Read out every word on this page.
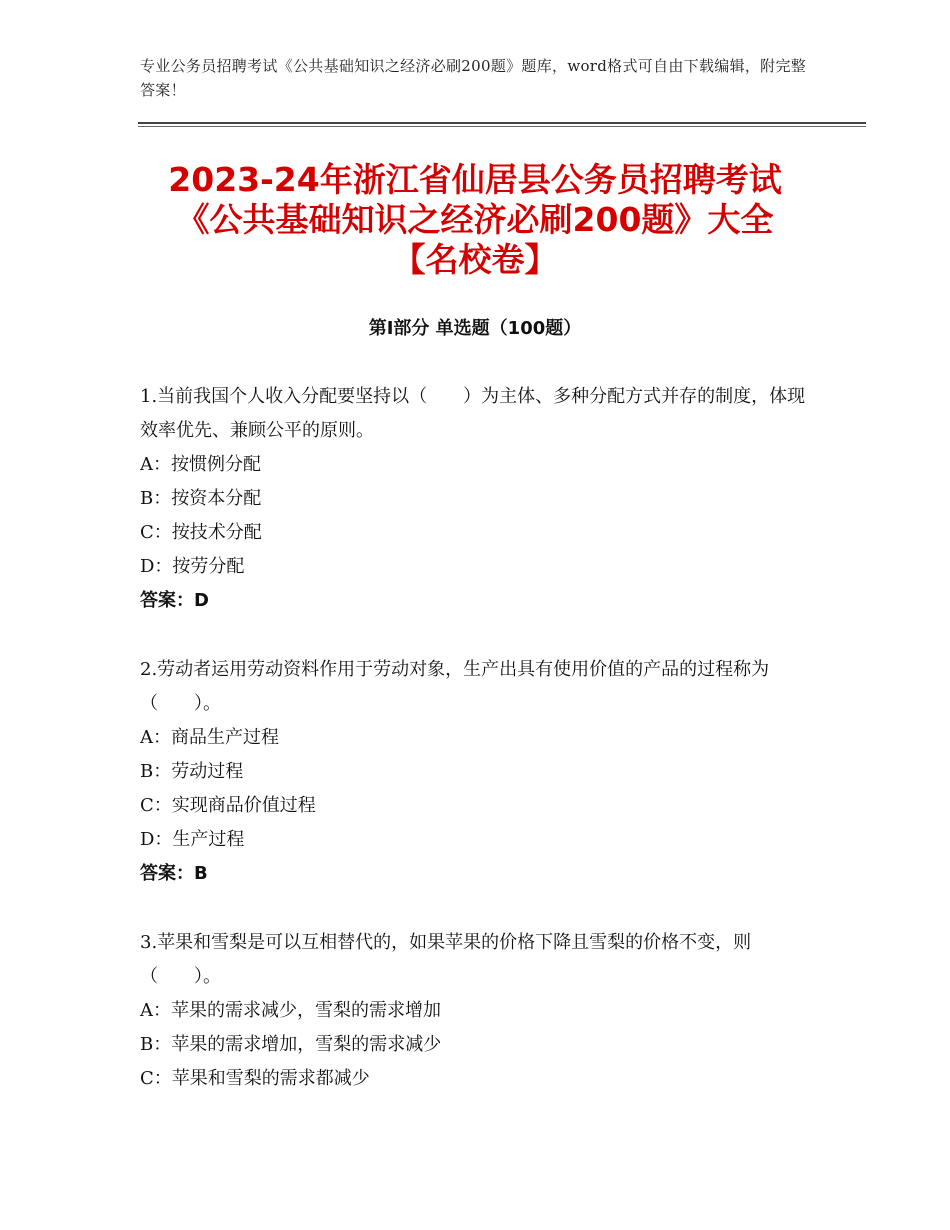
专业公务员招聘考试《公共基础知识之经济必刷200题》题库，word格式可自由下载编辑，附完整答案！
2023-24年浙江省仙居县公务员招聘考试
《公共基础知识之经济必刷200题》大全
【名校卷】
第Ⅰ部分 单选题（100题）
1.当前我国个人收入分配要坚持以（　　）为主体、多种分配方式并存的制度，体现效率优先、兼顾公平的原则。
A：按惯例分配
B：按资本分配
C：按技术分配
D：按劳分配
答案：D
2.劳动者运用劳动资料作用于劳动对象，生产出具有使用价值的产品的过程称为（　　）。
A：商品生产过程
B：劳动过程
C：实现商品价值过程
D：生产过程
答案：B
3.苹果和雪梨是可以互相替代的，如果苹果的价格下降且雪梨的价格不变，则（　　）。
A：苹果的需求减少，雪梨的需求增加
B：苹果的需求增加，雪梨的需求减少
C：苹果和雪梨的需求都减少
